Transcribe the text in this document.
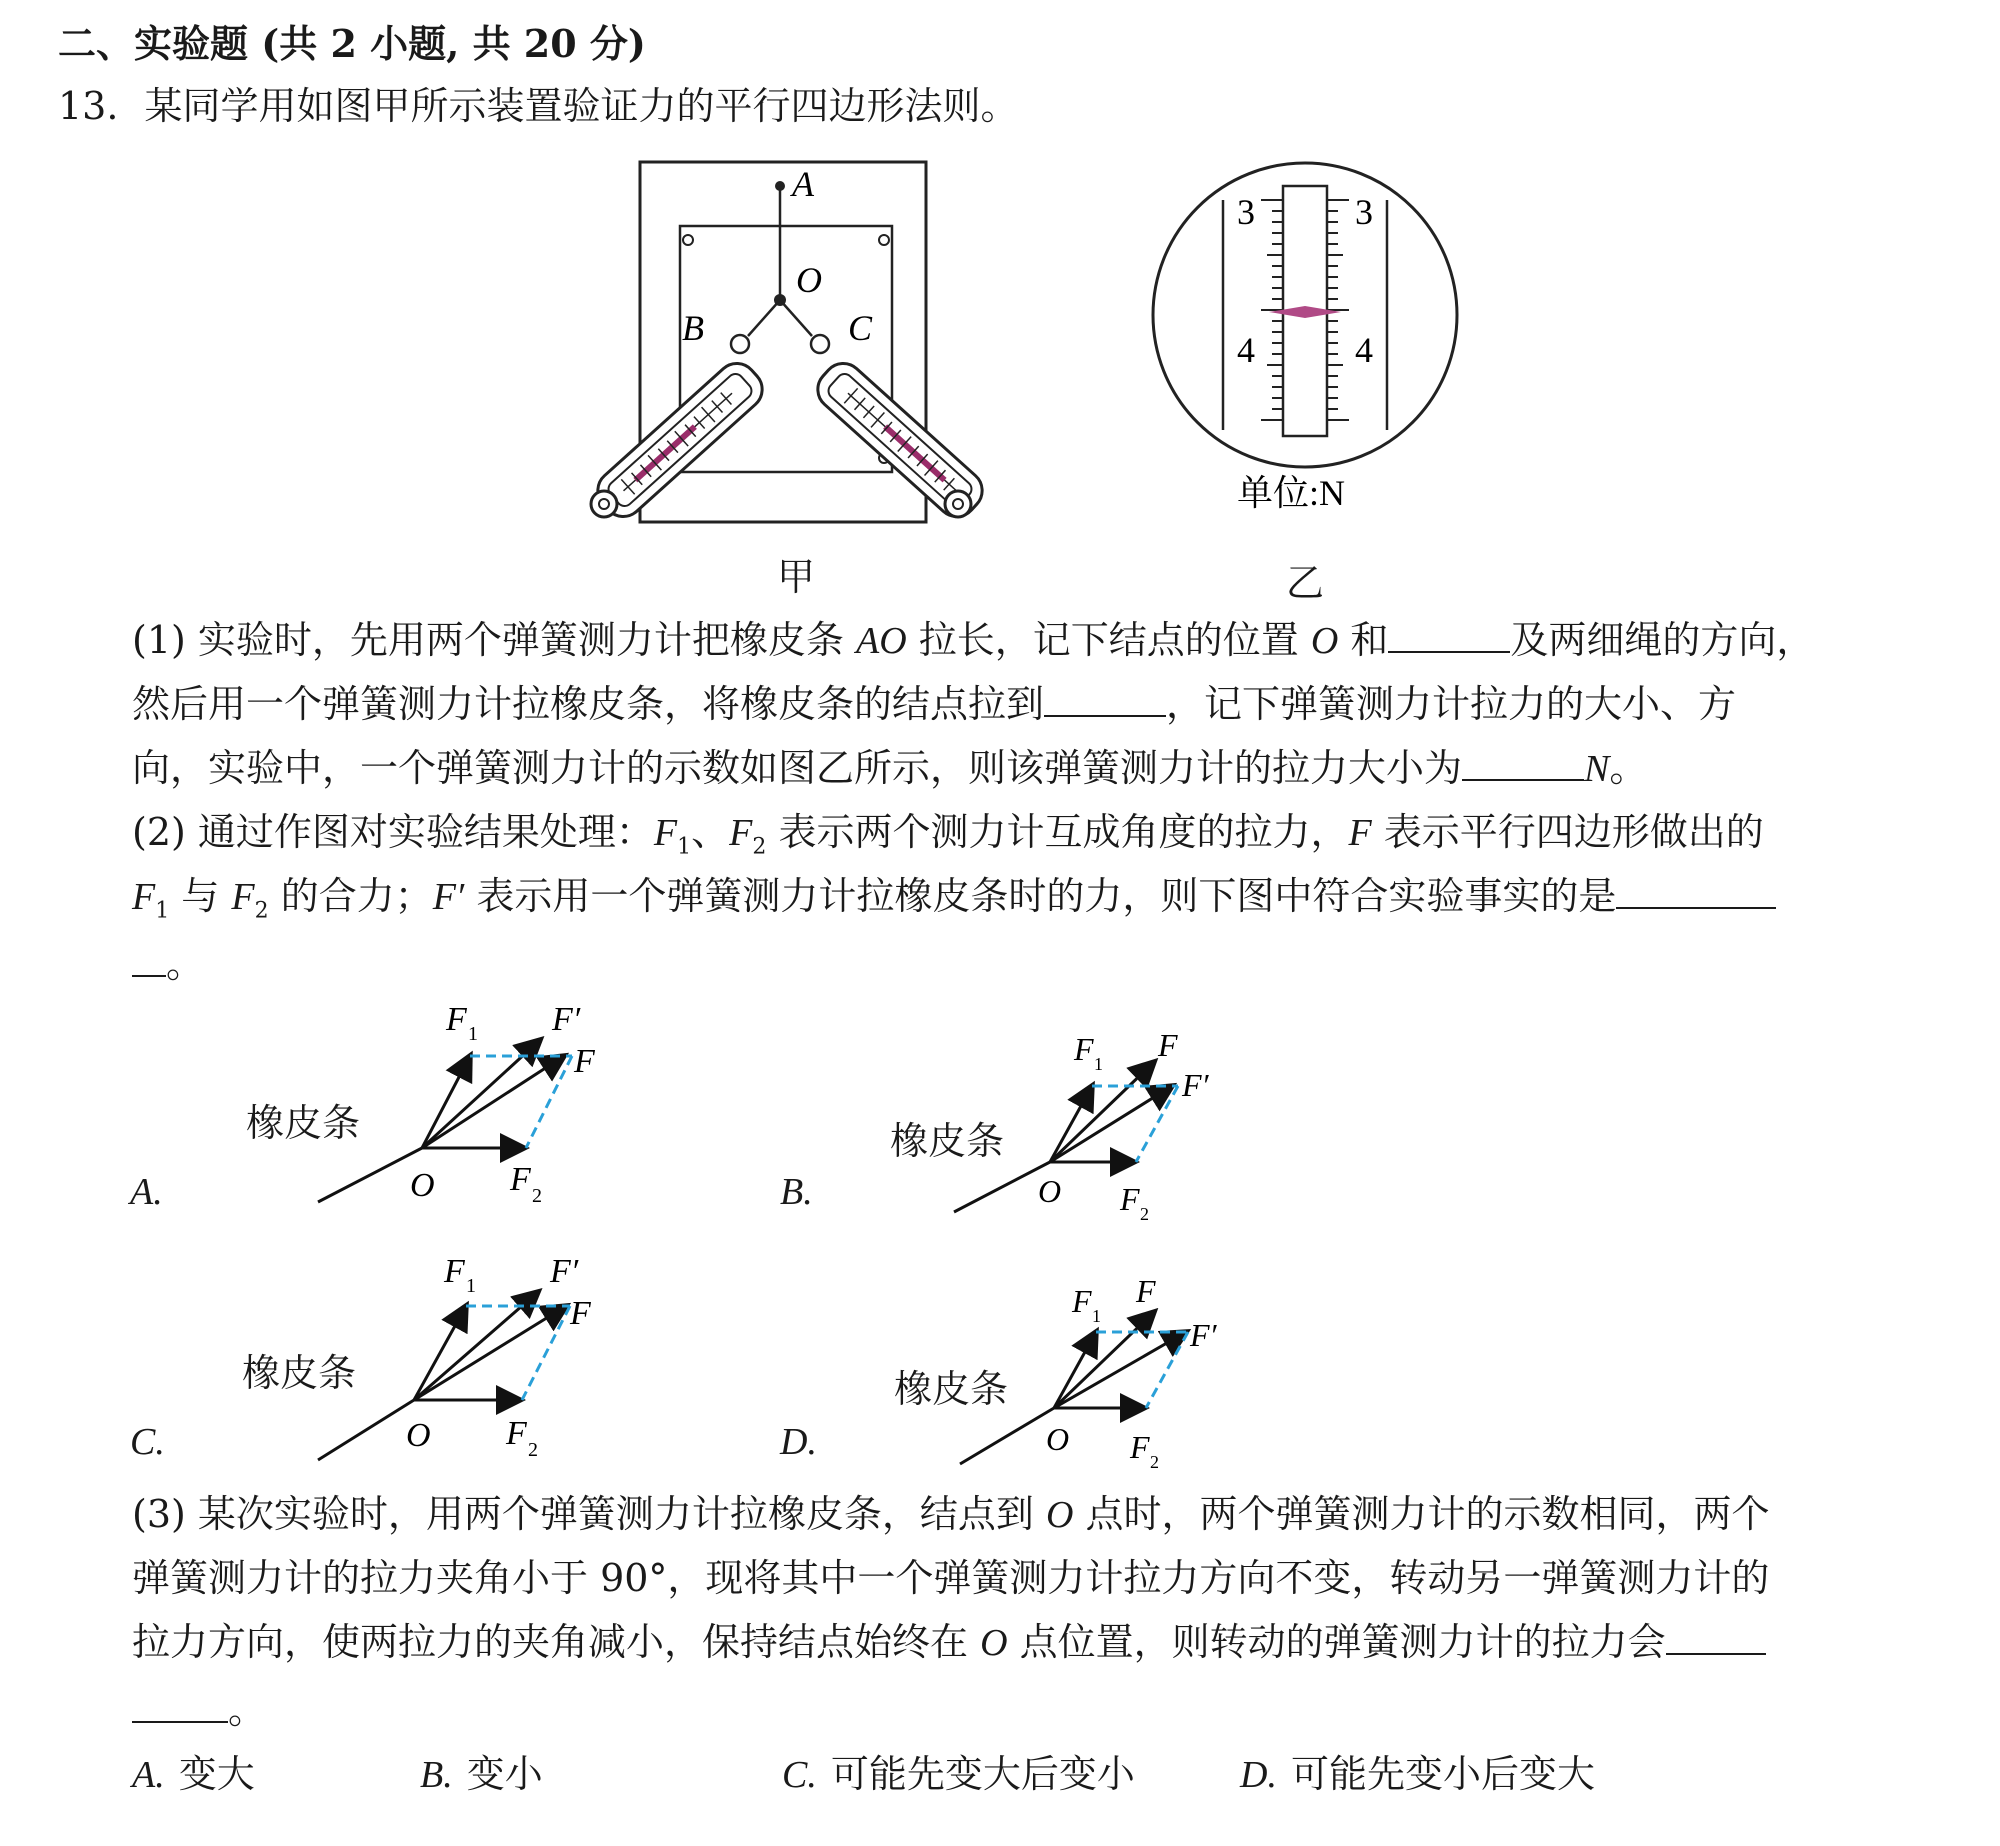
二、实验题 (共 2 小题, 共 20 分)
13. 某同学用如图甲所示装置验证力的平行四边形法则。
A
O
B	C
3	3
4	4
单位:N
甲	乙
(1) 实验时，先用两个弹簧测力计把橡皮条 AO 拉长，记下结点的位置 O 和	及两细绳的方向，
然后用一个弹簧测力计拉橡皮条，将橡皮条的结点拉到	，记下弹簧测力计拉力的大小、方
向，实验中，一个弹簧测力计的示数如图乙所示，则该弹簧测力计的拉力大小为	N。
(2) 通过作图对实验结果处理：$F_1$、$F_2$ 表示两个测力计互成角度的拉力，F 表示平行四边形做出的
$F_1$ 与 $F_2$ 的合力；F′ 表示用一个弹簧测力计拉橡皮条时的力，则下图中符合实验事实的是
。
A.
橡皮条
O
F 1
F 2
F′
F
B.
橡皮条
O
F 1
F 2
F
F′
C.
橡皮条
O
F 1
F 2
F′
F
D.
橡皮条
O
F 1
F 2
F
F′
(3) 某次实验时，用两个弹簧测力计拉橡皮条，结点到 O 点时，两个弹簧测力计的示数相同，两个
弹簧测力计的拉力夹角小于 90°，现将其中一个弹簧测力计拉力方向不变，转动另一弹簧测力计的
拉力方向，使两拉力的夹角减小，保持结点始终在 O 点位置，则转动的弹簧测力计的拉力会
。
A. 变大	B. 变小	C. 可能先变大后变小	D. 可能先变小后变大
